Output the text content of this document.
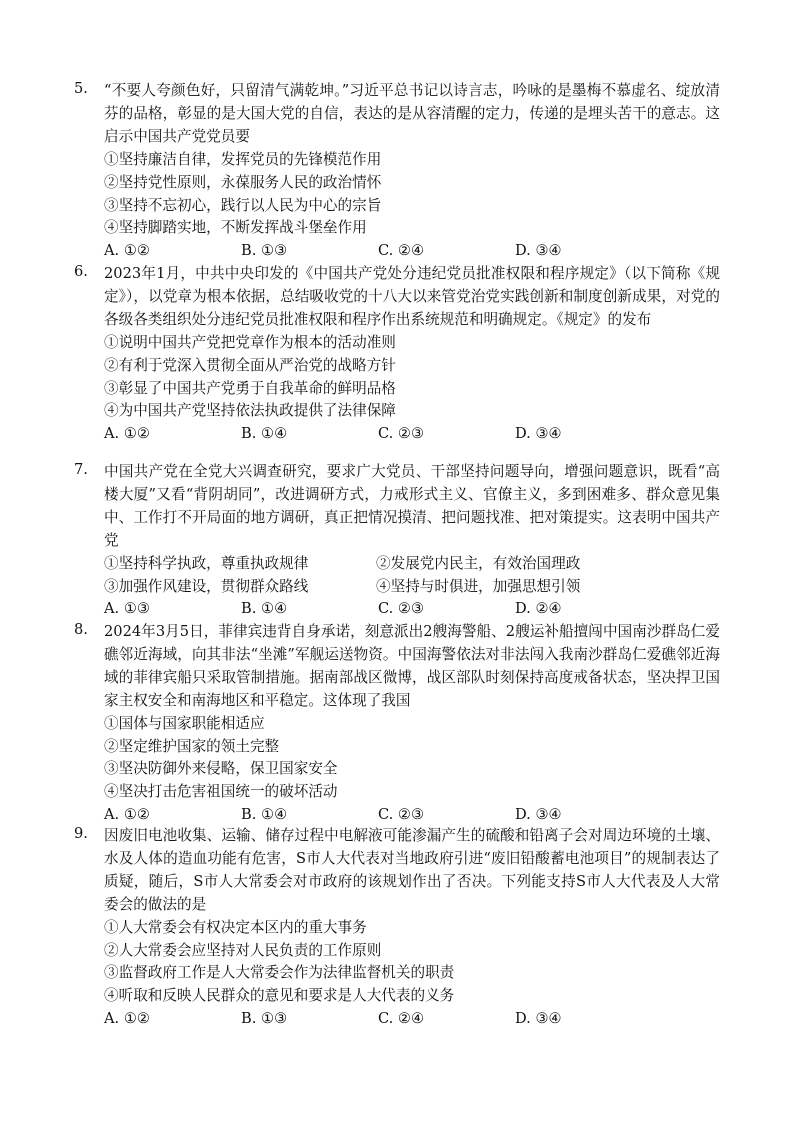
5. “不要人夸颜色好，只留清气满乾坤。”习近平总书记以诗言志，吟咏的是墨梅不慕虚名、绽放清芬的品格，彰显的是大国大党的自信，表达的是从容清醒的定力，传递的是埋头苦干的意志。这启示中国共产党党员要
①坚持廉洁自律，发挥党员的先锋模范作用
②坚持党性原则，永葆服务人民的政治情怀
③坚持不忘初心，践行以人民为中心的宗旨
④坚持脚踏实地，不断发挥战斗堡垒作用
A. ①②	B. ①③	C. ②④	D. ③④
6. 2023年1月，中共中央印发的《中国共产党处分违纪党员批准权限和程序规定》（以下简称《规定》），以党章为根本依据，总结吸收党的十八大以来管党治党实践创新和制度创新成果，对党的各级各类组织处分违纪党员批准权限和程序作出系统规范和明确规定。《规定》的发布
①说明中国共产党把党章作为根本的活动准则
②有利于党深入贯彻全面从严治党的战略方针
③彰显了中国共产党勇于自我革命的鲜明品格
④为中国共产党坚持依法执政提供了法律保障
A. ①②	B. ①④	C. ②③	D. ③④
7. 中国共产党在全党大兴调查研究，要求广大党员、干部坚持问题导向，增强问题意识，既看“高楼大厦”又看“背阴胡同”，改进调研方式，力戒形式主义、官僚主义，多到困难多、群众意见集中、工作打不开局面的地方调研，真正把情况摸清、把问题找准、把对策提实。这表明中国共产党
①坚持科学执政，尊重执政规律	②发展党内民主，有效治国理政
③加强作风建设，贯彻群众路线	④坚持与时俱进，加强思想引领
A. ①③	B. ①④	C. ②③	D. ②④
8. 2024年3月5日，菲律宾违背自身承诺，刻意派出2艘海警船、2艘运补船擅闯中国南沙群岛仁爱礁邻近海域，向其非法“坐滩”军舰运送物资。中国海警依法对非法闯入我南沙群岛仁爱礁邻近海域的菲律宾船只采取管制措施。据南部战区微博，战区部队时刻保持高度戒备状态，坚决捍卫国家主权安全和南海地区和平稳定。这体现了我国
①国体与国家职能相适应
②坚定维护国家的领土完整
③坚决防御外来侵略，保卫国家安全
④坚决打击危害祖国统一的破坏活动
A. ①②	B. ①④	C. ②③	D. ③④
9. 因废旧电池收集、运输、储存过程中电解液可能渗漏产生的硫酸和铅离子会对周边环境的土壤、水及人体的造血功能有危害，S市人大代表对当地政府引进“废旧铅酸蓄电池项目”的规制表达了质疑，随后，S市人大常委会对市政府的该规划作出了否决。下列能支持S市人大代表及人大常委会的做法的是
①人大常委会有权决定本区内的重大事务
②人大常委会应坚持对人民负责的工作原则
③监督政府工作是人大常委会作为法律监督机关的职责
④听取和反映人民群众的意见和要求是人大代表的义务
A. ①②	B. ①③	C. ②④	D. ③④
